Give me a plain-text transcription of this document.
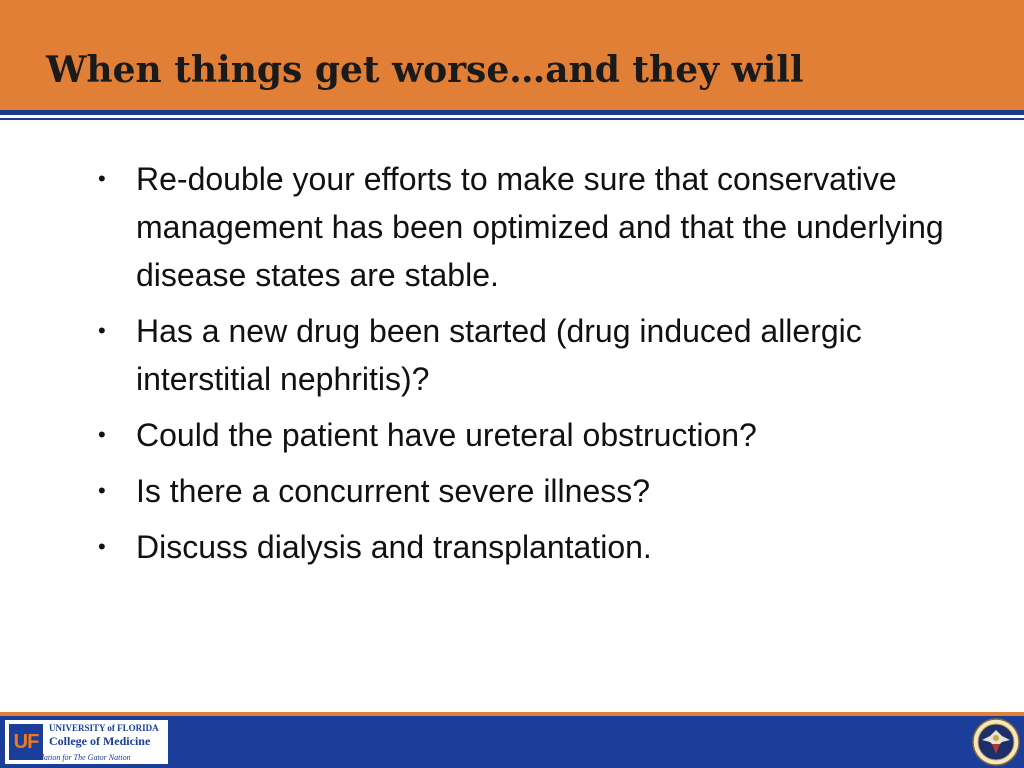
When things get worse…and they will
• Re-double your efforts to make sure that conservative management has been optimized and that the underlying disease states are stable.
• Has a new drug been started (drug induced allergic interstitial nephritis)?
• Could the patient have ureteral obstruction?
• Is there a concurrent severe illness?
• Discuss dialysis and transplantation.
UF
UNIVERSITY of FLORIDA
College of Medicine
The Foundation for The Gator Nation
